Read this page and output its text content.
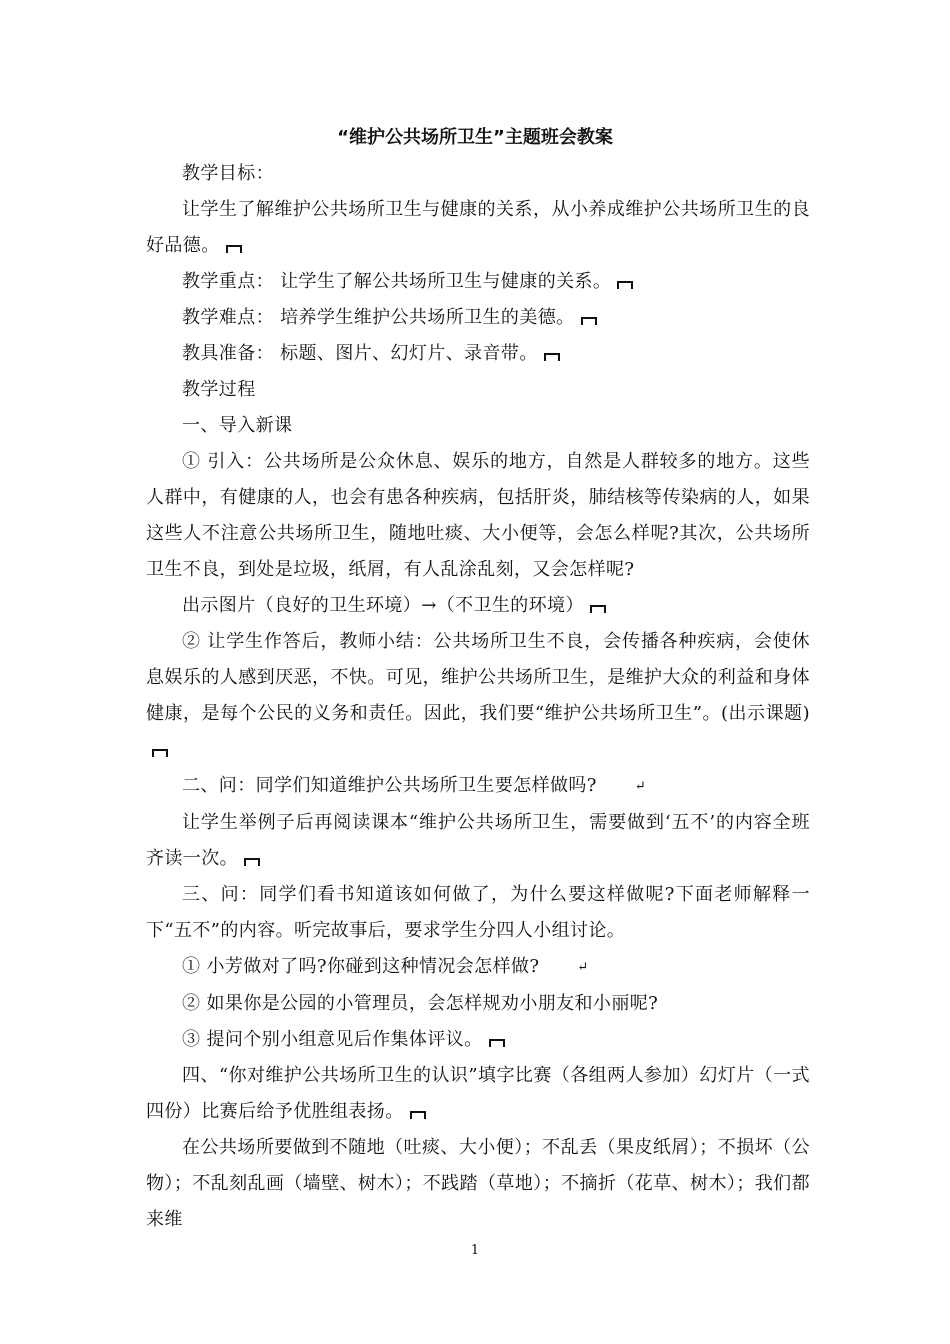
“维护公共场所卫生”主题班会教案

教学目标：

让学生了解维护公共场所卫生与健康的关系，从小养成维护公共场所卫生的良好品德。

教学重点： 让学生了解公共场所卫生与健康的关系。

教学难点： 培养学生维护公共场所卫生的美德。

教具准备： 标题、图片、幻灯片、录音带。

教学过程

一、导入新课

① 引入：公共场所是公众休息、娱乐的地方，自然是人群较多的地方。这些人群中，有健康的人，也会有患各种疾病，包括肝炎，肺结核等传染病的人，如果这些人不注意公共场所卫生，随地吐痰、大小便等，会怎么样呢?其次，公共场所卫生不良，到处是垃圾，纸屑，有人乱涂乱刻，又会怎样呢?

出示图片（良好的卫生环境）→（不卫生的环境）

② 让学生作答后，教师小结：公共场所卫生不良，会传播各种疾病，会使休息娱乐的人感到厌恶，不快。可见，维护公共场所卫生，是维护大众的利益和身体健康，是每个公民的义务和责任。因此，我们要“维护公共场所卫生”。(出示课题)

二、问：同学们知道维护公共场所卫生要怎样做吗?	↵

让学生举例子后再阅读课本“维护公共场所卫生，需要做到‘五不’的内容全班齐读一次。

三、问：同学们看书知道该如何做了，为什么要这样做呢?下面老师解释一下“五不”的内容。听完故事后，要求学生分四人小组讨论。

① 小芳做对了吗?你碰到这种情况会怎样做?	↵

② 如果你是公园的小管理员，会怎样规劝小朋友和小丽呢?

③ 提问个别小组意见后作集体评议。

四、“你对维护公共场所卫生的认识”填字比赛（各组两人参加）幻灯片（一式四份）比赛后给予优胜组表扬。

在公共场所要做到不随地（吐痰、大小便）；不乱丢（果皮纸屑）；不损坏（公物）；不乱刻乱画（墙壁、树木）；不践踏（草地）；不摘折（花草、树木）；我们都来维

1
